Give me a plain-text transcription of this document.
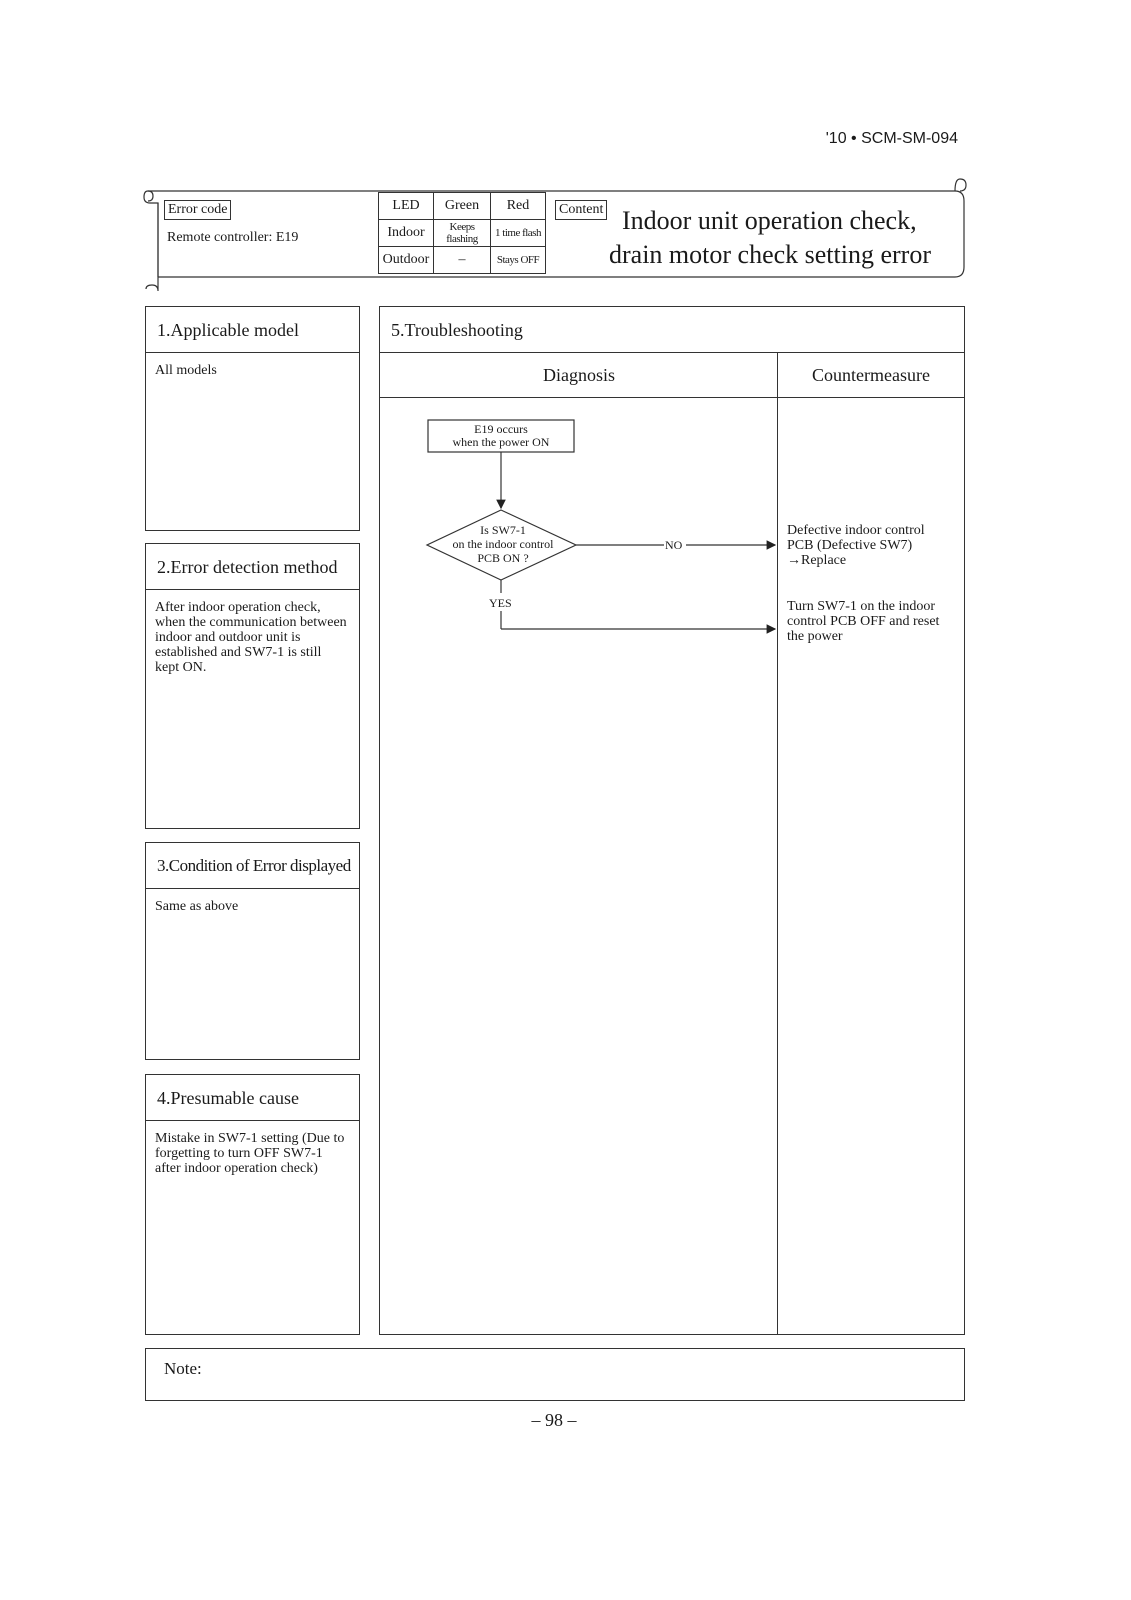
'10 • SCM-SM-094
Error code
Remote controller: E19
LED	Green	Red
Indoor	Keeps flashing	1 time flash
Outdoor	–	Stays OFF
Content Indoor unit operation check,
drain motor check setting error
1.Applicable model
All models
2.Error detection method
After indoor operation check, when the communication between indoor and outdoor unit is established and SW7-1 is still kept ON.
3.Condition of Error displayed
Same as above
4.Presumable cause
Mistake in SW7-1 setting (Due to forgetting to turn OFF SW7-1 after indoor operation check)
5.Troubleshooting
Diagnosis	Countermeasure
E19 occurs
when the power ON
Is SW7-1
on the indoor control
PCB ON ?
NO
YES
Defective indoor control
PCB (Defective SW7)
→Replace
Turn SW7-1 on the indoor
control PCB OFF and reset
the power
Note:
– 98 –
